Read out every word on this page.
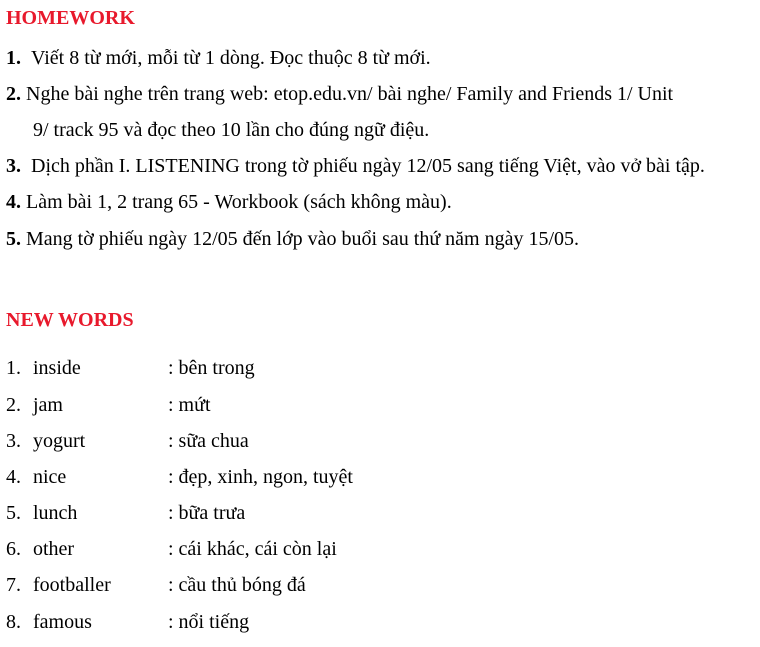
HOMEWORK
1. Viết 8 từ mới, mỗi từ 1 dòng. Đọc thuộc 8 từ mới.
2. Nghe bài nghe trên trang web: etop.edu.vn/ bài nghe/ Family and Friends 1/ Unit
9/ track 95 và đọc theo 10 lần cho đúng ngữ điệu.
3. Dịch phần I. LISTENING trong tờ phiếu ngày 12/05 sang tiếng Việt, vào vở bài tập.
4. Làm bài 1, 2 trang 65 - Workbook (sách không màu).
5. Mang tờ phiếu ngày 12/05 đến lớp vào buổi sau thứ năm ngày 15/05.
NEW WORDS
1. inside	: bên trong
2. jam	: mứt
3. yogurt	: sữa chua
4. nice	: đẹp, xinh, ngon, tuyệt
5. lunch	: bữa trưa
6. other	: cái khác, cái còn lại
7. footballer	: cầu thủ bóng đá
8. famous	: nổi tiếng
